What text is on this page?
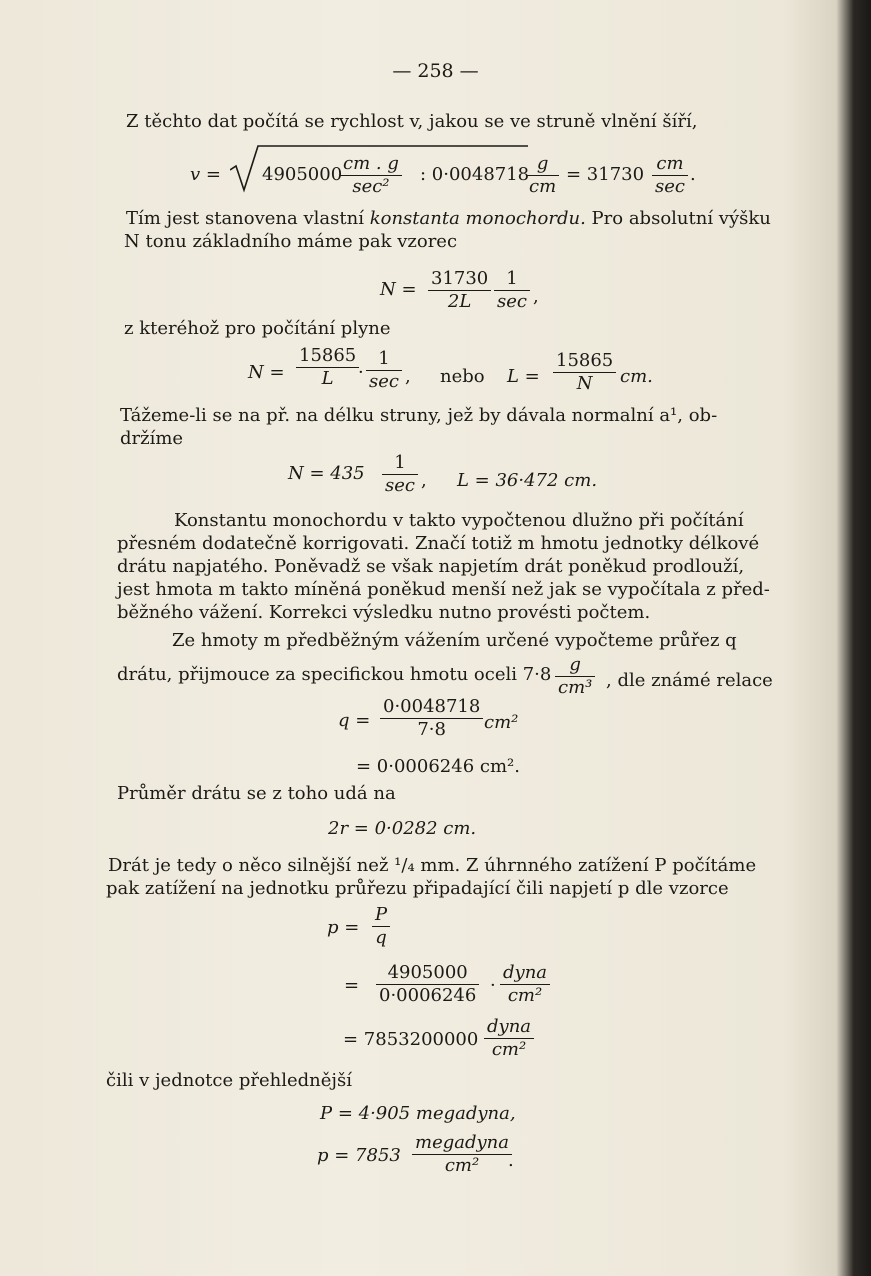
— 258 —
Z těchto dat počítá se rychlost v, jakou se ve struně vlnění šíří,
v = 4905000
cm . g
sec²
: 0·0048718
$\frac{g}{cm} = 31730$
cm
sec
.
Tím jest stanovena vlastní konstanta monochordu. Pro absolutní výšku
N tonu základního máme pak vzorec
$N = \frac{31730}{2L} 1$
sec ,
z kteréhož pro počítání plyne
$N = \frac{15865}{L}$
·
1
sec , nebo $L = \frac{15865}{N}$ cm.
Tážeme-li se na př. na délku struny, jež by dávala normalní a¹, ob-
držíme
N = 435
1
sec , L = 36·472 cm.
Konstantu monochordu v takto vypočtenou dlužno při počítání
přesném dodatečně korrigovati. Značí totiž m hmotu jednotky délkové
drátu napjatého. Poněvadž se však napjetím drát poněkud prodlouží,
jest hmota m takto míněná poněkud menší než jak se vypočítala z před-
běžného vážení. Korrekci výsledku nutno provésti počtem.
Ze hmoty m předběžným vážením určené vypočteme průřez q
drátu, přijmouce za specifickou hmotu oceli $7\cdot 8 \frac{g}{\text{cm³}}$ , dle známé relace
$q = \frac{0\cdot 0048718}{7\cdot 8} cm^2$
= 0·0006246 cm².
Průměr drátu se z toho udá na
2r = 0·0282 cm.
Drát je tedy o něco silnější než ¹/₄ mm. Z úhrnného zatížení P počítáme
pak zatížení na jednotku průřezu připadající čili napjetí p dle vzorce
$p = \frac{P}{q}$
= $\frac{4905000}{0\cdot 0006246}$ ·
dyna
cm²
= 7853200000
dyna
cm²
čili v jednotce přehlednější
P = 4·905 megadyna,
p = 7853
megadyna
cm²	.
